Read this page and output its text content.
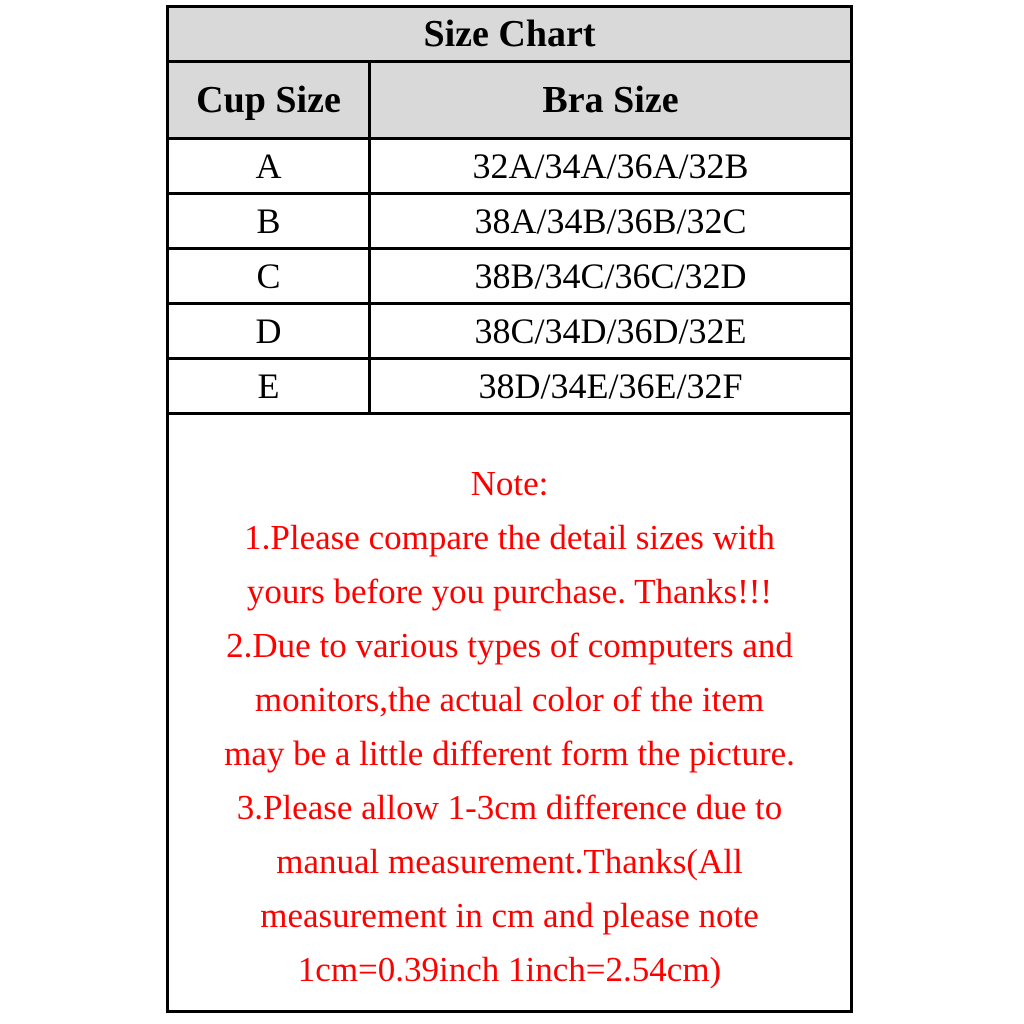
Size Chart
Cup Size	Bra Size
A	32A/34A/36A/32B
B	38A/34B/36B/32C
C	38B/34C/36C/32D
D	38C/34D/36D/32E
E	38D/34E/36E/32F
Note:
1.Please compare the detail sizes with
yours before you purchase. Thanks!!!
2.Due to various types of computers and
monitors,the actual color of the item
may be a little different form the picture.
3.Please allow 1-3cm difference due to
manual measurement.Thanks(All
measurement in cm and please note
1cm=0.39inch 1inch=2.54cm)
